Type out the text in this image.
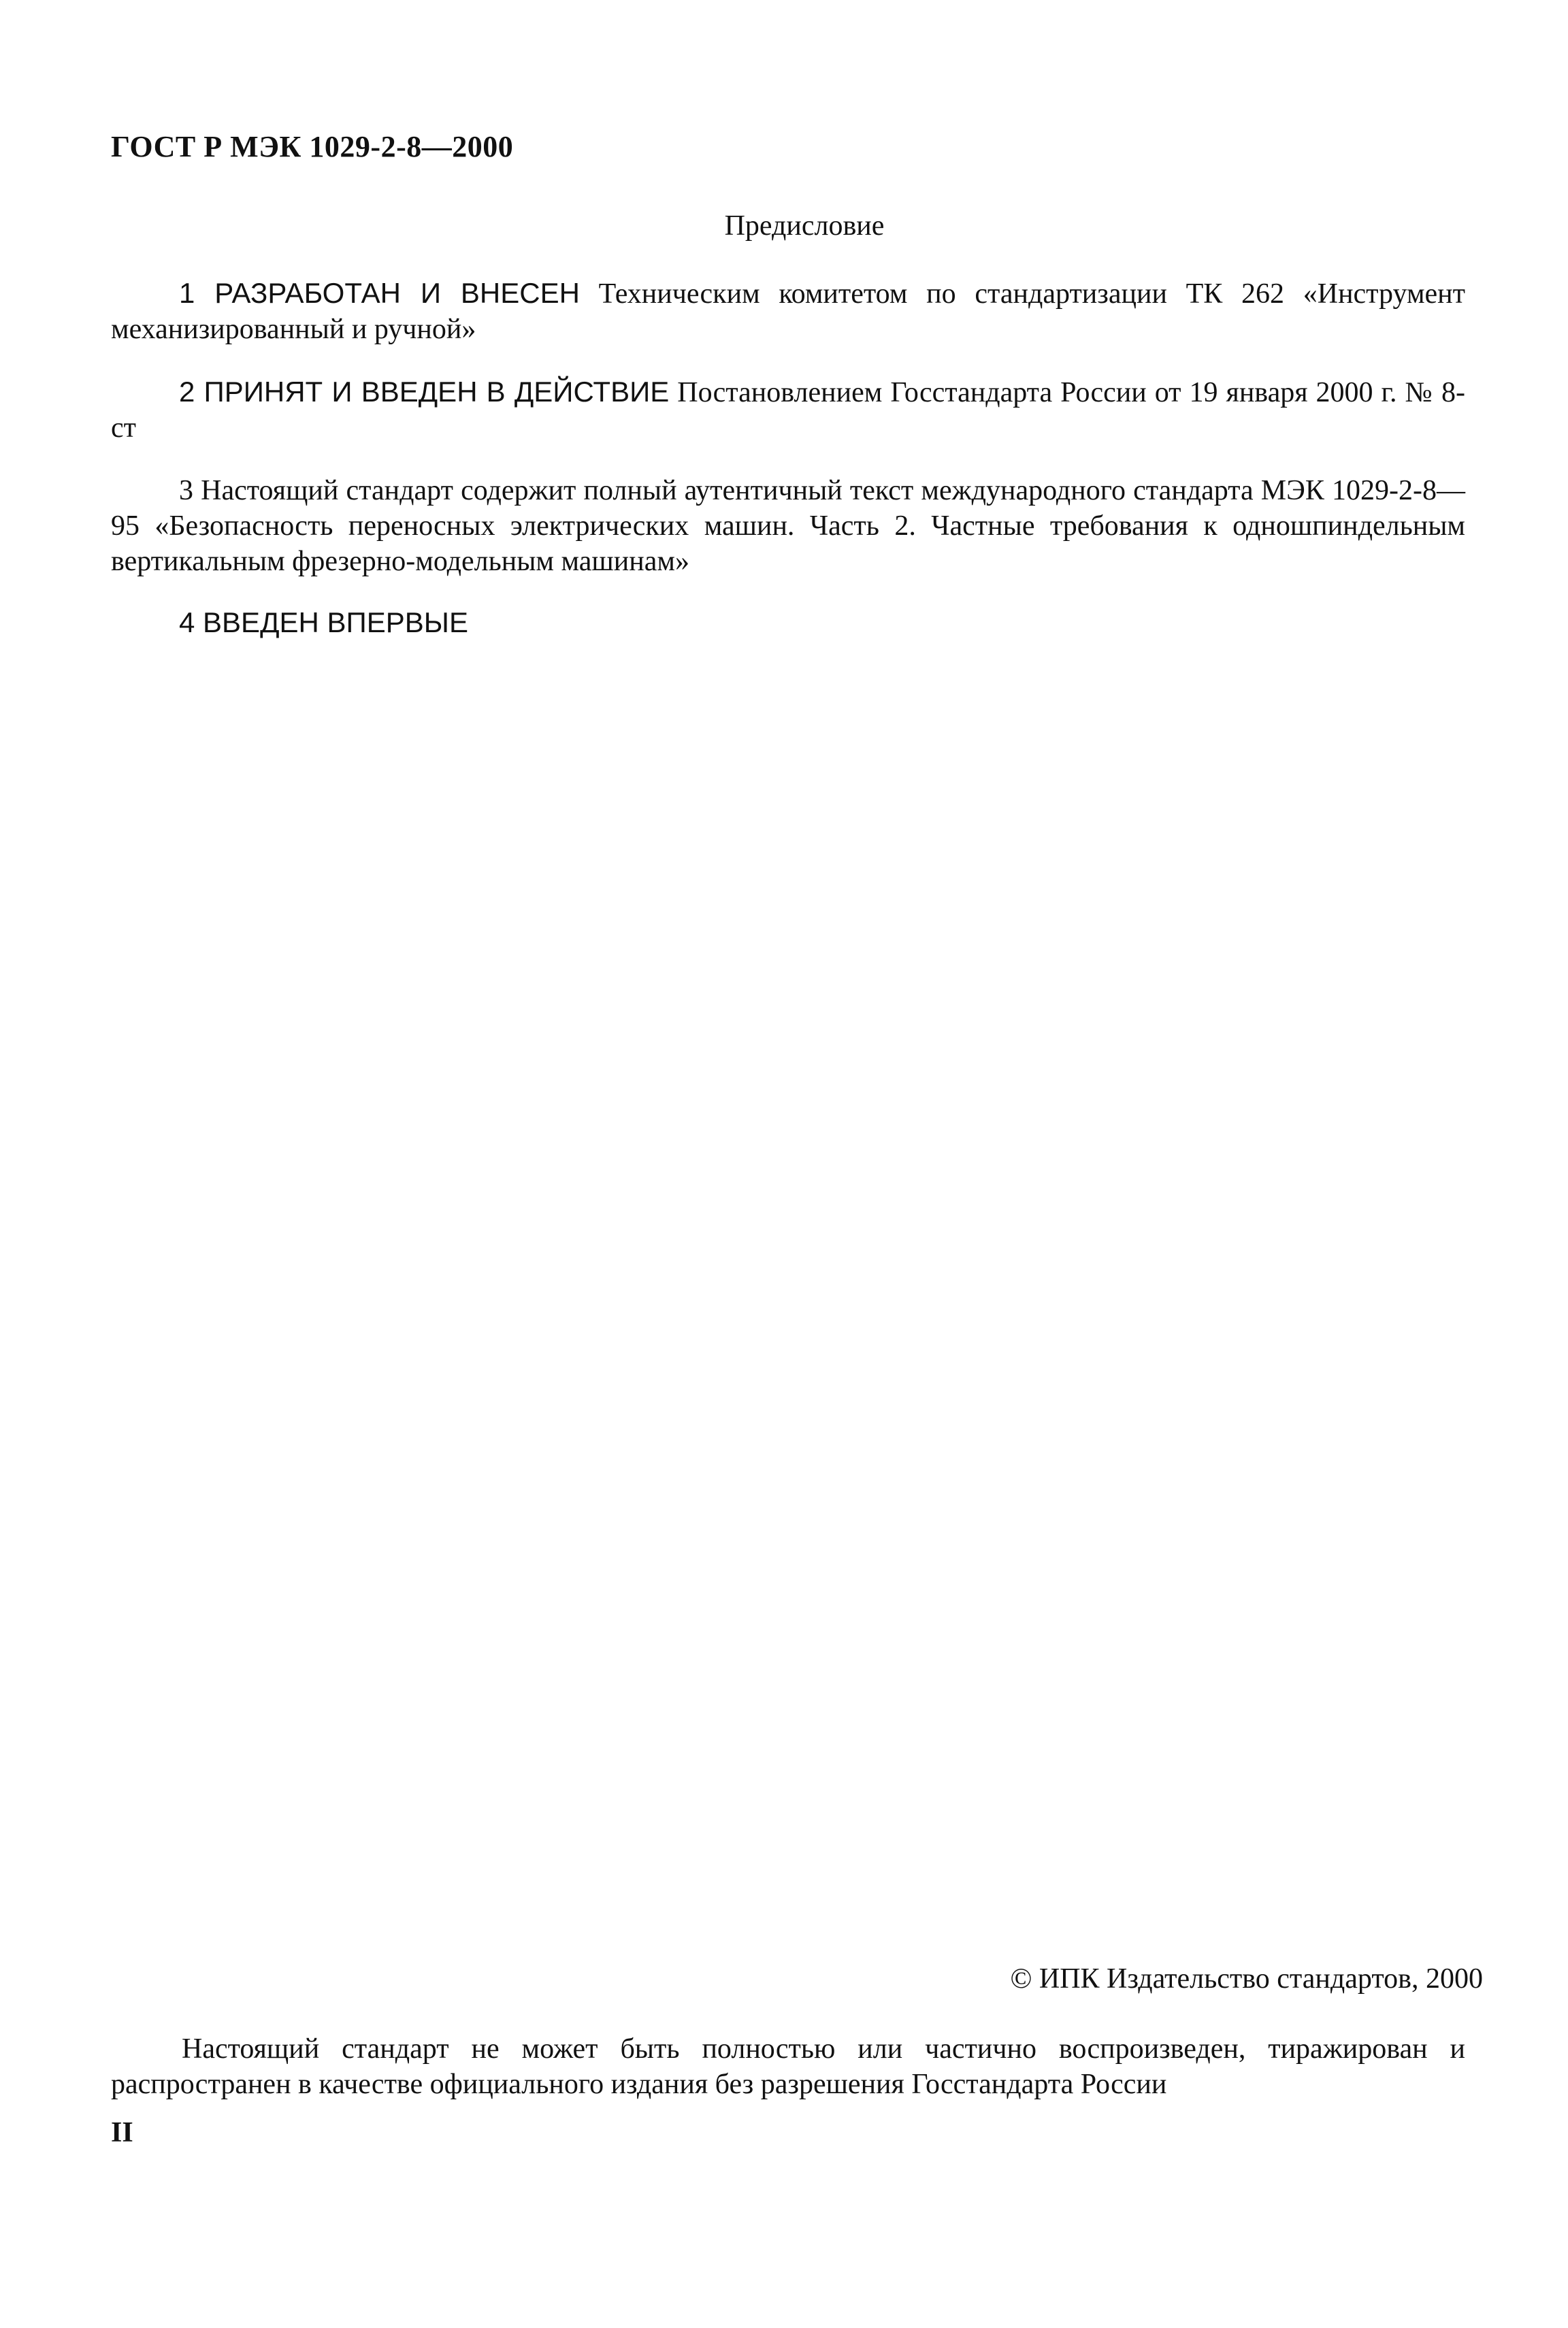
ГОСТ Р МЭК 1029-2-8—2000
Предисловие

1 РАЗРАБОТАН И ВНЕСЕН Техническим комитетом по стандартизации ТК 262 «Инструмент механизированный и ручной»

2 ПРИНЯТ И ВВЕДЕН В ДЕЙСТВИЕ Постановлением Госстандарта России от 19 января 2000 г. № 8-ст

3 Настоящий стандарт содержит полный аутентичный текст международного стандарта МЭК 1029-2-8—95 «Безопасность переносных электрических машин. Часть 2. Частные требования к одношпиндельным вертикальным фрезерно-модельным машинам»

4 ВВЕДЕН ВПЕРВЫЕ

© ИПК Издательство стандартов, 2000

Настоящий стандарт не может быть полностью или частично воспроизведен, тиражирован и распространен в качестве официального издания без разрешения Госстандарта России

II
